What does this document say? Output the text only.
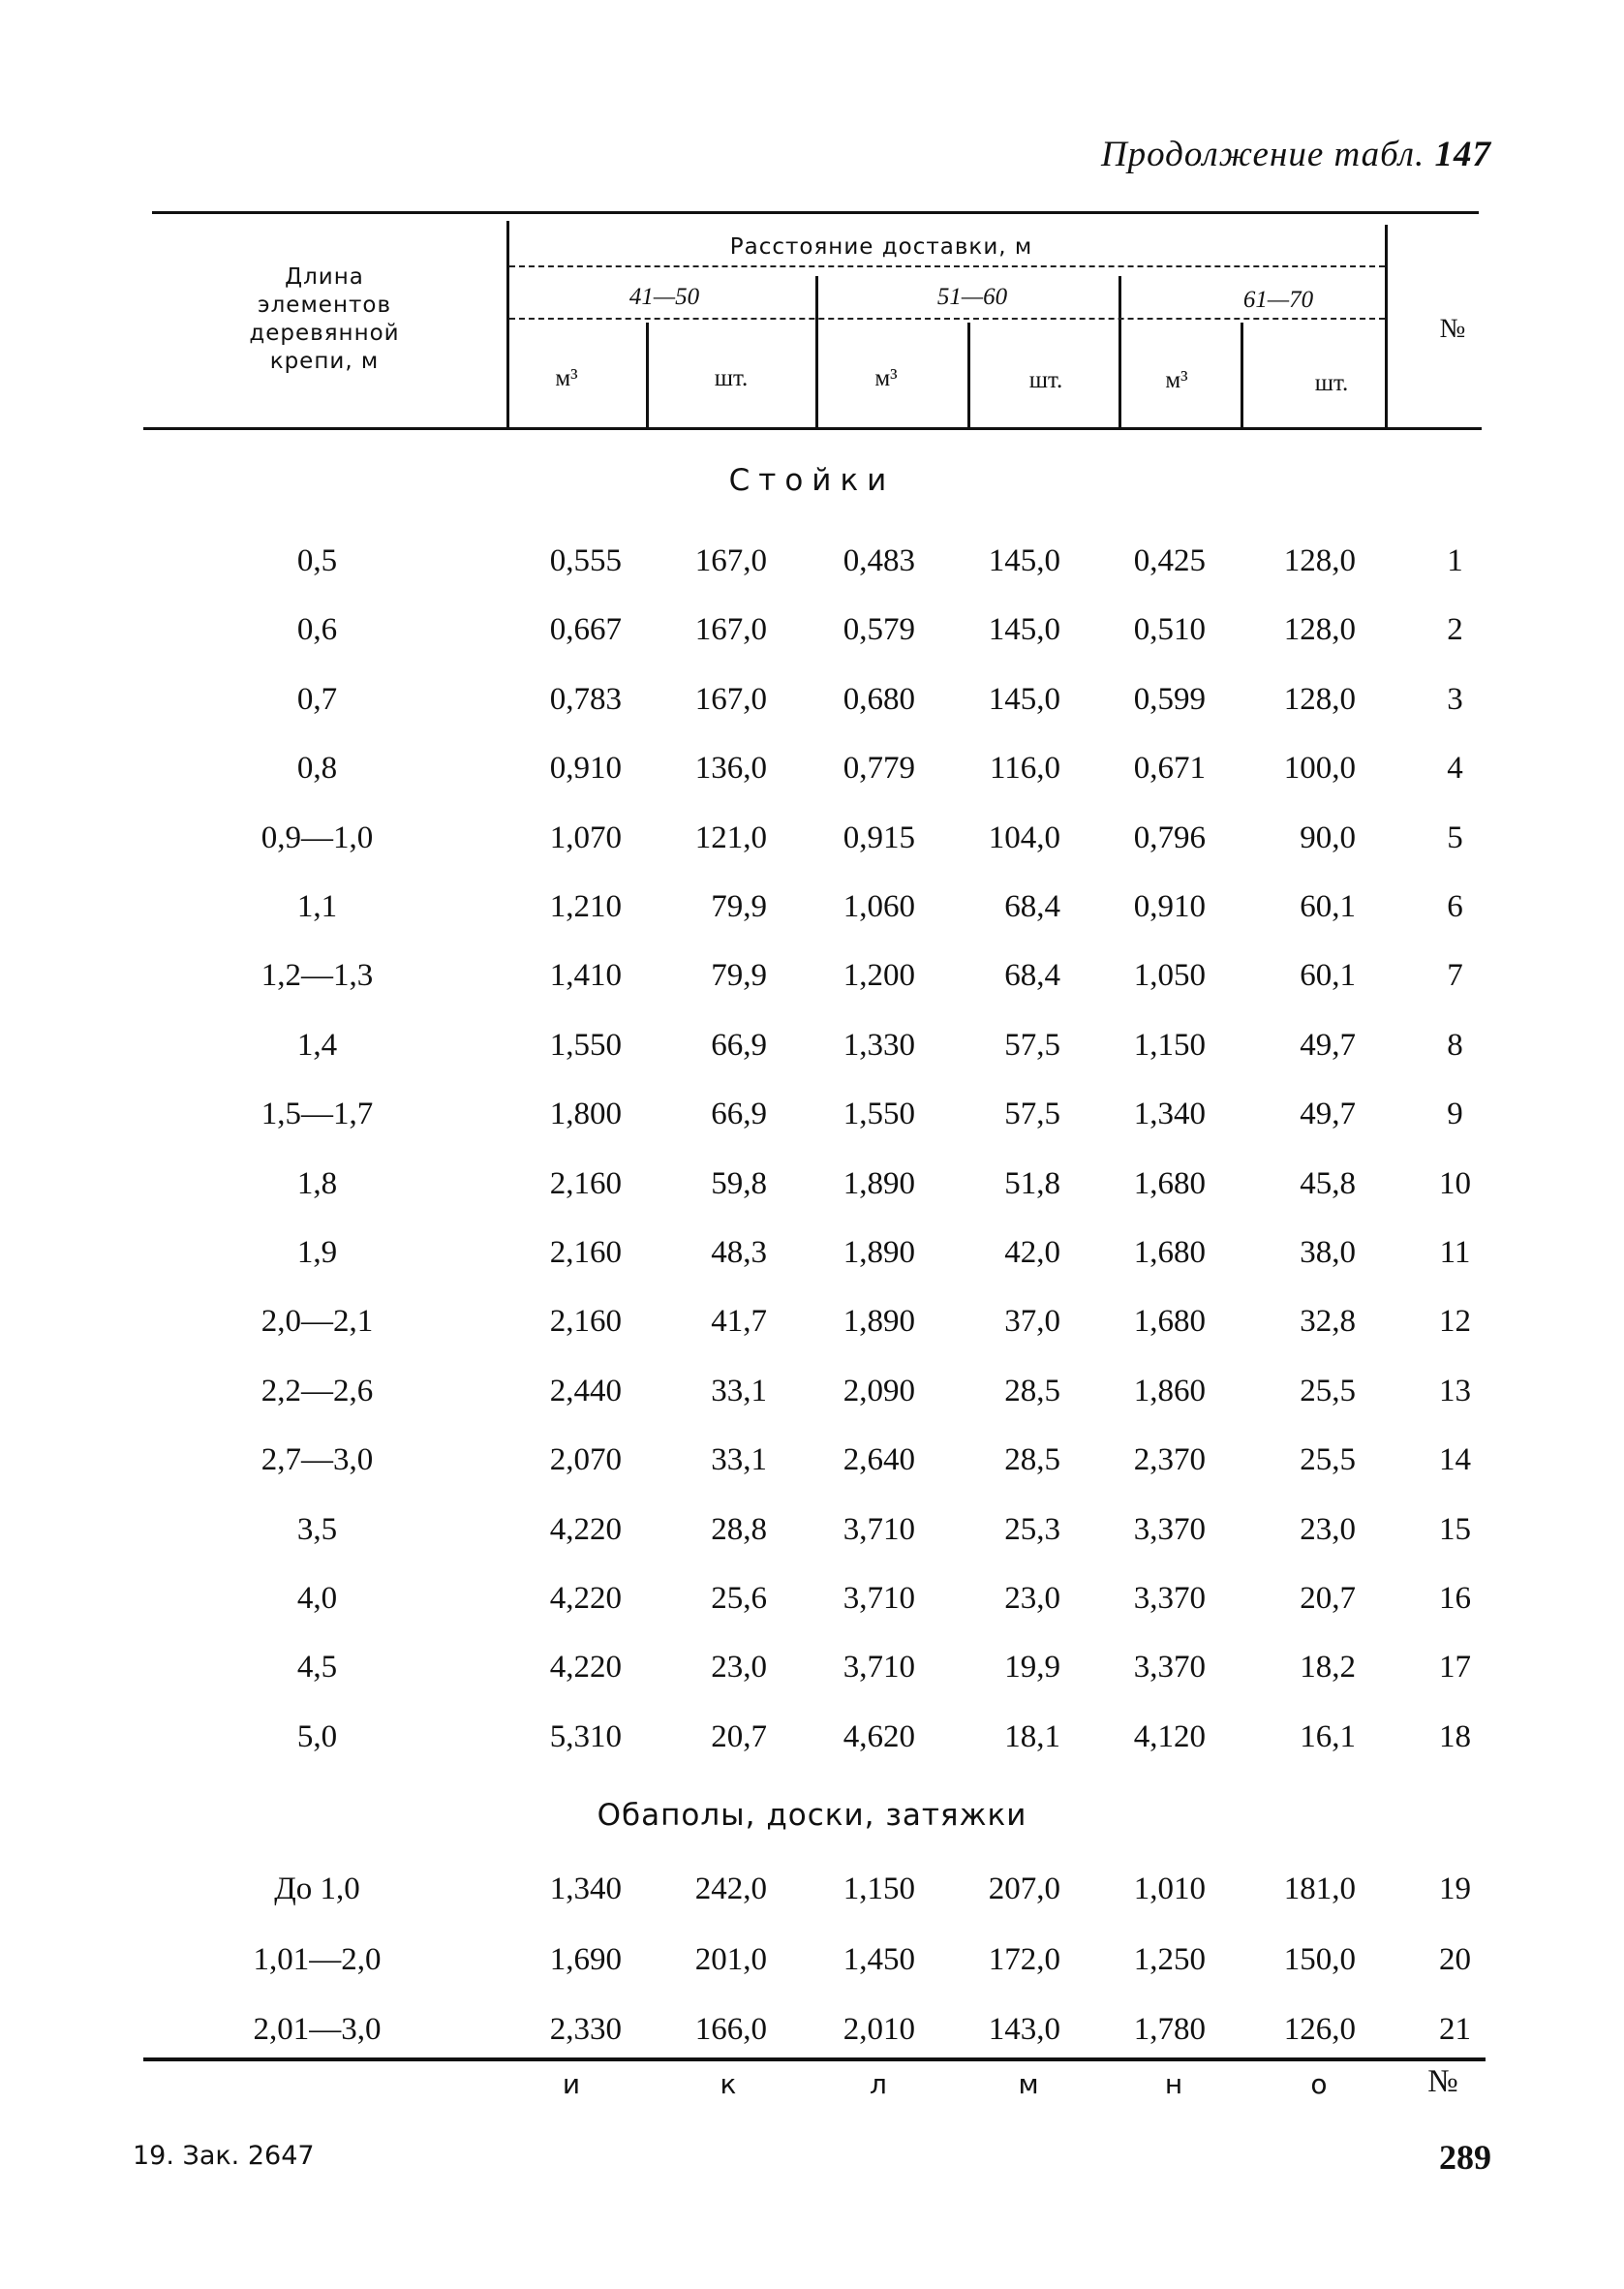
Продолжение табл. 147
Длина
элементов
деревянной
крепи, м
Расстояние доставки, м
41—50	51—60	61—70
м³	шт.	м³	шт.	м³	шт.
№
Стойки
Обаполы, доски, затяжки
0,5	0,555	167,0	0,483	145,0	0,425	128,0	1
0,6	0,667	167,0	0,579	145,0	0,510	128,0	2
0,7	0,783	167,0	0,680	145,0	0,599	128,0	3
0,8	0,910	136,0	0,779	116,0	0,671	100,0	4
0,9—1,0	1,070	121,0	0,915	104,0	0,796	90,0	5
1,1	1,210	79,9	1,060	68,4	0,910	60,1	6
1,2—1,3	1,410	79,9	1,200	68,4	1,050	60,1	7
1,4	1,550	66,9	1,330	57,5	1,150	49,7	8
1,5—1,7	1,800	66,9	1,550	57,5	1,340	49,7	9
1,8	2,160	59,8	1,890	51,8	1,680	45,8	10
1,9	2,160	48,3	1,890	42,0	1,680	38,0	11
2,0—2,1	2,160	41,7	1,890	37,0	1,680	32,8	12
2,2—2,6	2,440	33,1	2,090	28,5	1,860	25,5	13
2,7—3,0	2,070	33,1	2,640	28,5	2,370	25,5	14
3,5	4,220	28,8	3,710	25,3	3,370	23,0	15
4,0	4,220	25,6	3,710	23,0	3,370	20,7	16
4,5	4,220	23,0	3,710	19,9	3,370	18,2	17
5,0	5,310	20,7	4,620	18,1	4,120	16,1	18
До 1,0	1,340	242,0	1,150	207,0	1,010	181,0	19
1,01—2,0	1,690	201,0	1,450	172,0	1,250	150,0	20
2,01—3,0	2,330	166,0	2,010	143,0	1,780	126,0	21
и	к	л	м	н	о	№
19. Зак. 2647	289
